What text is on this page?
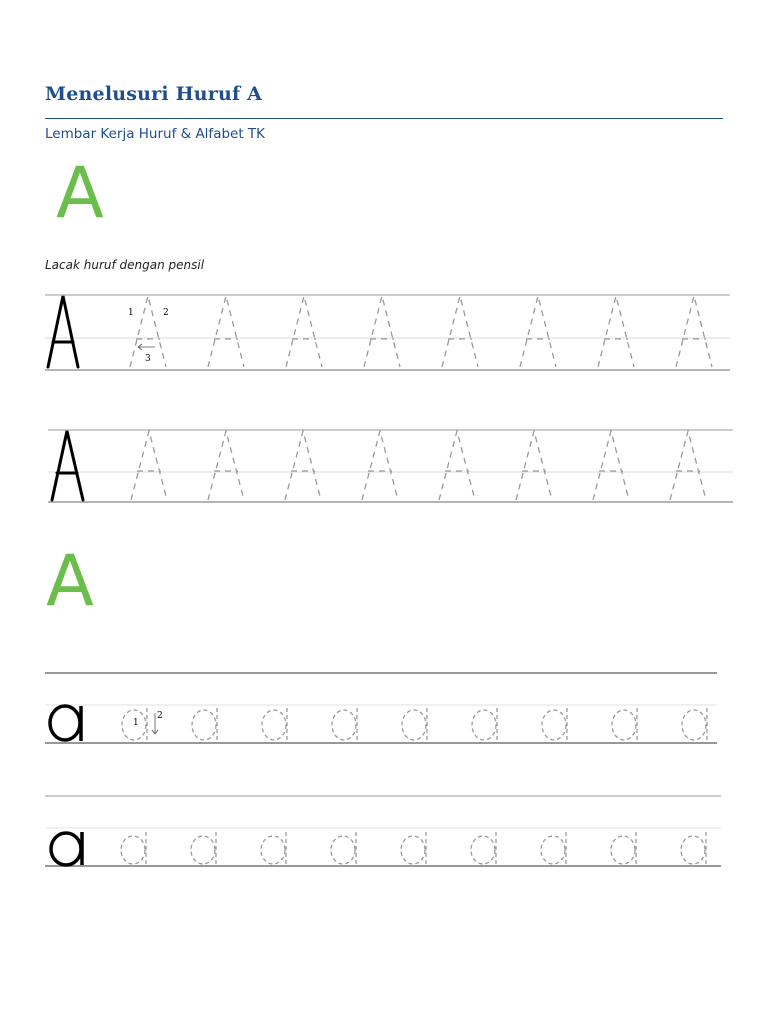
Menelusuri Huruf A
Lembar Kerja Huruf & Alfabet TK
A
Lacak huruf dengan pensil
1	2
3
A
1
2
